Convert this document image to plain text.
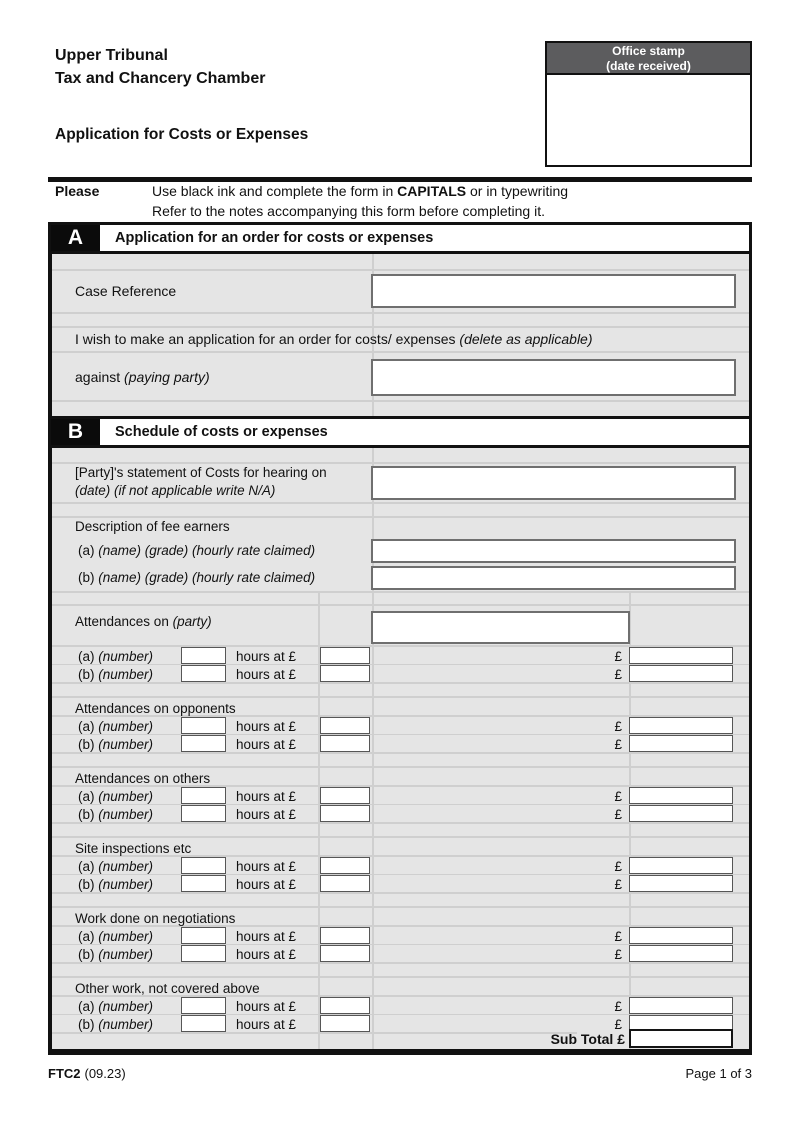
Upper Tribunal
Tax and Chancery Chamber
Application for Costs or Expenses
Office stamp
(date received)
Please	Use black ink and complete the form in CAPITALS or in typewriting
Refer to the notes accompanying this form before completing it.
A	Application for an order for costs or expenses
Case Reference
I wish to make an application for an order for costs/ expenses (delete as applicable)
against (paying party)
B	Schedule of costs or expenses
[Party]'s statement of Costs for hearing on
(date) (if not applicable write N/A)
Description of fee earners
(a) (name) (grade) (hourly rate claimed)
(b) (name) (grade) (hourly rate claimed)
Attendances on (party)
(a) (number)	hours at £	£
(b) (number)	hours at £	£
Attendances on opponents
(a) (number)	hours at £	£
(b) (number)	hours at £	£
Attendances on others
(a) (number)	hours at £	£
(b) (number)	hours at £	£
Site inspections etc
(a) (number)	hours at £	£
(b) (number)	hours at £	£
Work done on negotiations
(a) (number)	hours at £	£
(b) (number)	hours at £	£
Other work, not covered above
(a) (number)	hours at £	£
(b) (number)	hours at £	£
Sub Total £
FTC2 (09.23)	Page 1 of 3
